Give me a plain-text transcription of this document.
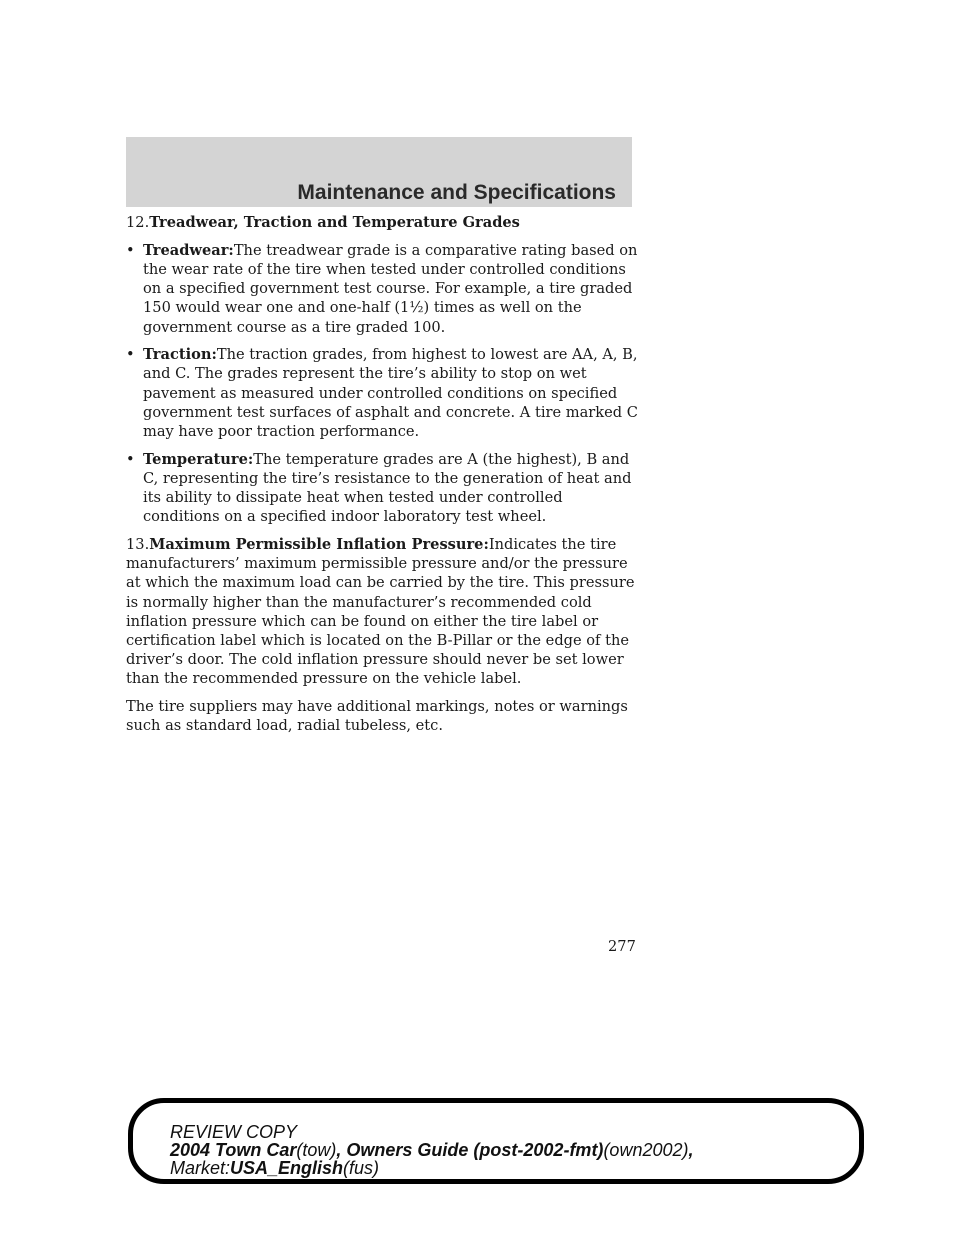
Maintenance and Specifications

12.Treadwear, Traction and Temperature Grades

• Treadwear:The treadwear grade is a comparative rating based on the wear rate of the tire when tested under controlled conditions on a specified government test course. For example, a tire graded 150 would wear one and one-half (1½) times as well on the government course as a tire graded 100.
• Traction:The traction grades, from highest to lowest are AA, A, B, and C. The grades represent the tire’s ability to stop on wet pavement as measured under controlled conditions on specified government test surfaces of asphalt and concrete. A tire marked C may have poor traction performance.
• Temperature:The temperature grades are A (the highest), B and C, representing the tire’s resistance to the generation of heat and its ability to dissipate heat when tested under controlled conditions on a specified indoor laboratory test wheel.

13.Maximum Permissible Inflation Pressure:Indicates the tire manufacturers’ maximum permissible pressure and/or the pressure at which the maximum load can be carried by the tire. This pressure is normally higher than the manufacturer’s recommended cold inflation pressure which can be found on either the tire label or certification label which is located on the B-Pillar or the edge of the driver’s door. The cold inflation pressure should never be set lower than the recommended pressure on the vehicle label.

The tire suppliers may have additional markings, notes or warnings such as standard load, radial tubeless, etc.

277
REVIEW COPY
2004 Town Car(tow), Owners Guide (post-2002-fmt)(own2002),
Market:USA_English(fus)
